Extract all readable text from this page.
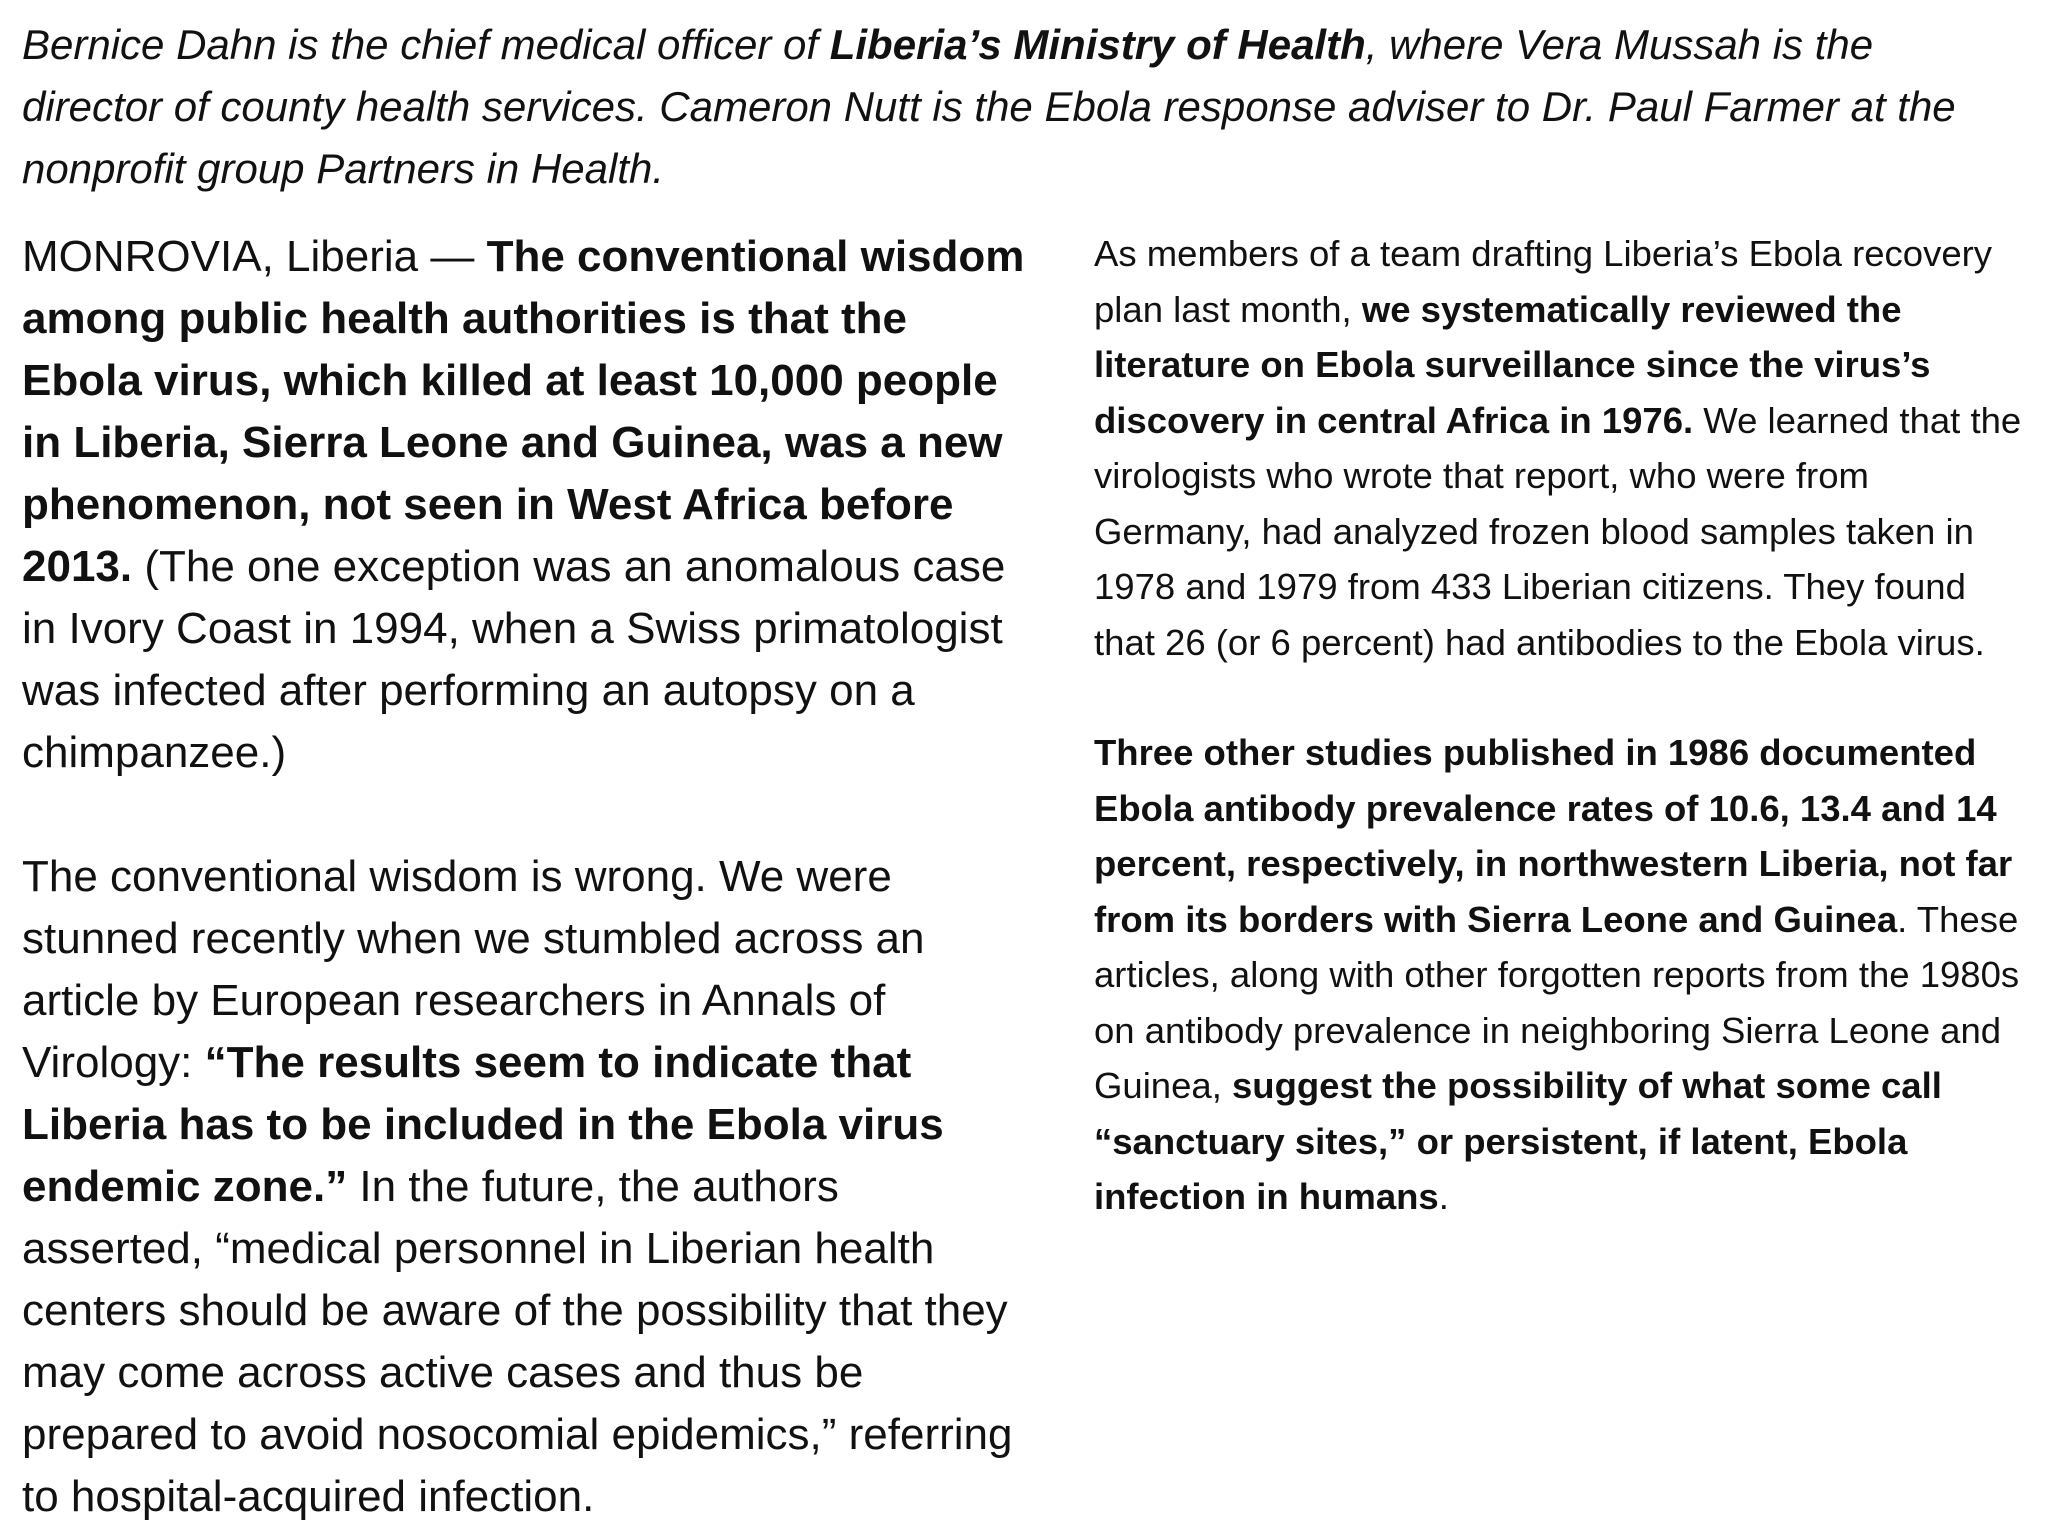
Bernice Dahn is the chief medical officer of Liberia’s Ministry of Health, where Vera Mussah is the director of county health services. Cameron Nutt is the Ebola response adviser to Dr. Paul Farmer at the nonprofit group Partners in Health.

MONROVIA, Liberia — The conventional wisdom among public health authorities is that the Ebola virus, which killed at least 10,000 people in Liberia, Sierra Leone and Guinea, was a new phenomenon, not seen in West Africa before 2013. (The one exception was an anomalous case in Ivory Coast in 1994, when a Swiss primatologist was infected after performing an autopsy on a chimpanzee.)

The conventional wisdom is wrong. We were stunned recently when we stumbled across an article by European researchers in Annals of Virology: “The results seem to indicate that Liberia has to be included in the Ebola virus endemic zone.” In the future, the authors asserted, “medical personnel in Liberian health centers should be aware of the possibility that they may come across active cases and thus be prepared to avoid nosocomial epidemics,” referring to hospital-acquired infection.

As members of a team drafting Liberia’s Ebola recovery plan last month, we systematically reviewed the literature on Ebola surveillance since the virus’s discovery in central Africa in 1976. We learned that the virologists who wrote that report, who were from Germany, had analyzed frozen blood samples taken in 1978 and 1979 from 433 Liberian citizens. They found that 26 (or 6 percent) had antibodies to the Ebola virus.

Three other studies published in 1986 documented Ebola antibody prevalence rates of 10.6, 13.4 and 14 percent, respectively, in northwestern Liberia, not far from its borders with Sierra Leone and Guinea. These articles, along with other forgotten reports from the 1980s on antibody prevalence in neighboring Sierra Leone and Guinea, suggest the possibility of what some call “sanctuary sites,” or persistent, if latent, Ebola infection in humans.
